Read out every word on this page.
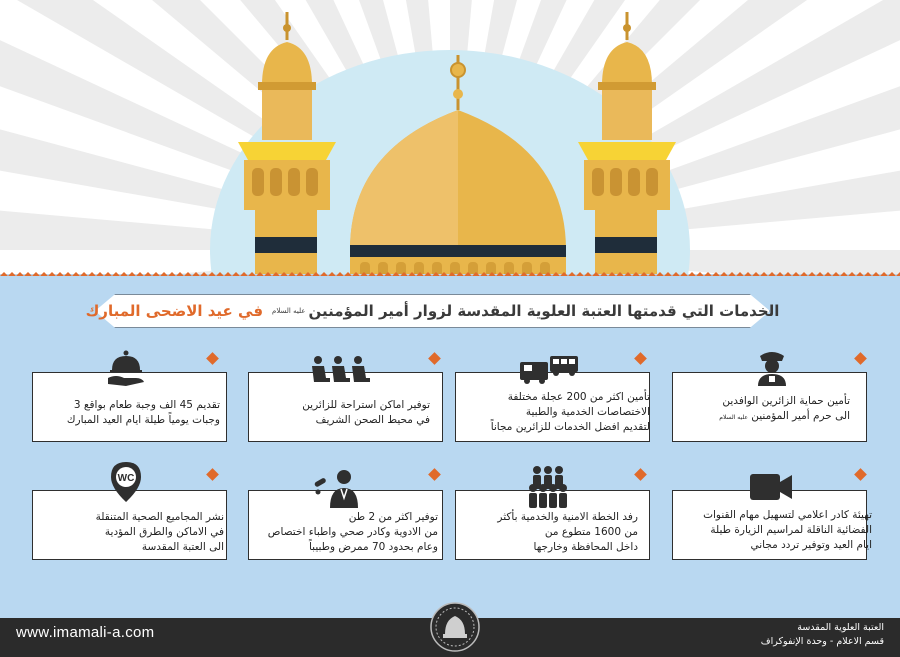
الخدمات التي قدمتها العتبة العلوية المقدسة لزوار أمير المؤمنين
عليه السلام
في عيد الاضحى المبارك
تأمين حماية الزائرين الوافدين
الى حرم أمير المؤمنين عليه السلام
تأمين اكثر من 200 عجلة مختلفة
الاختصاصات الخدمية والطبية
لتقديم افضل الخدمات للزائرين مجاناً
توفير اماكن استراحة للزائرين
في محيط الصحن الشريف
تقديم 45 الف وجبة طعام بواقع 3
وجبات يومياً طيلة ايام العيد المبارك
تهيئة كادر اعلامي لتسهيل مهام القنوات
الفضائية الناقلة لمراسيم الزيارة طيلة
ايام العيد وتوفير تردد مجاني
رفد الخطة الامنية والخدمية بأكثر
من 1600 متطوع من
داخل المحافظة وخارجها
توفير اكثر من 2 طن
من الادوية وكادر صحي واطباء اختصاص
وعام بحدود 70 ممرض وطبيباً
WC
نشر المجاميع الصحية المتنقلة
في الاماكن والطرق المؤدية
الى العتبة المقدسة
www.imamali-a.com	العتبة العلوية المقدسة
قسم الاعلام - وحدة الإنفوكراف
